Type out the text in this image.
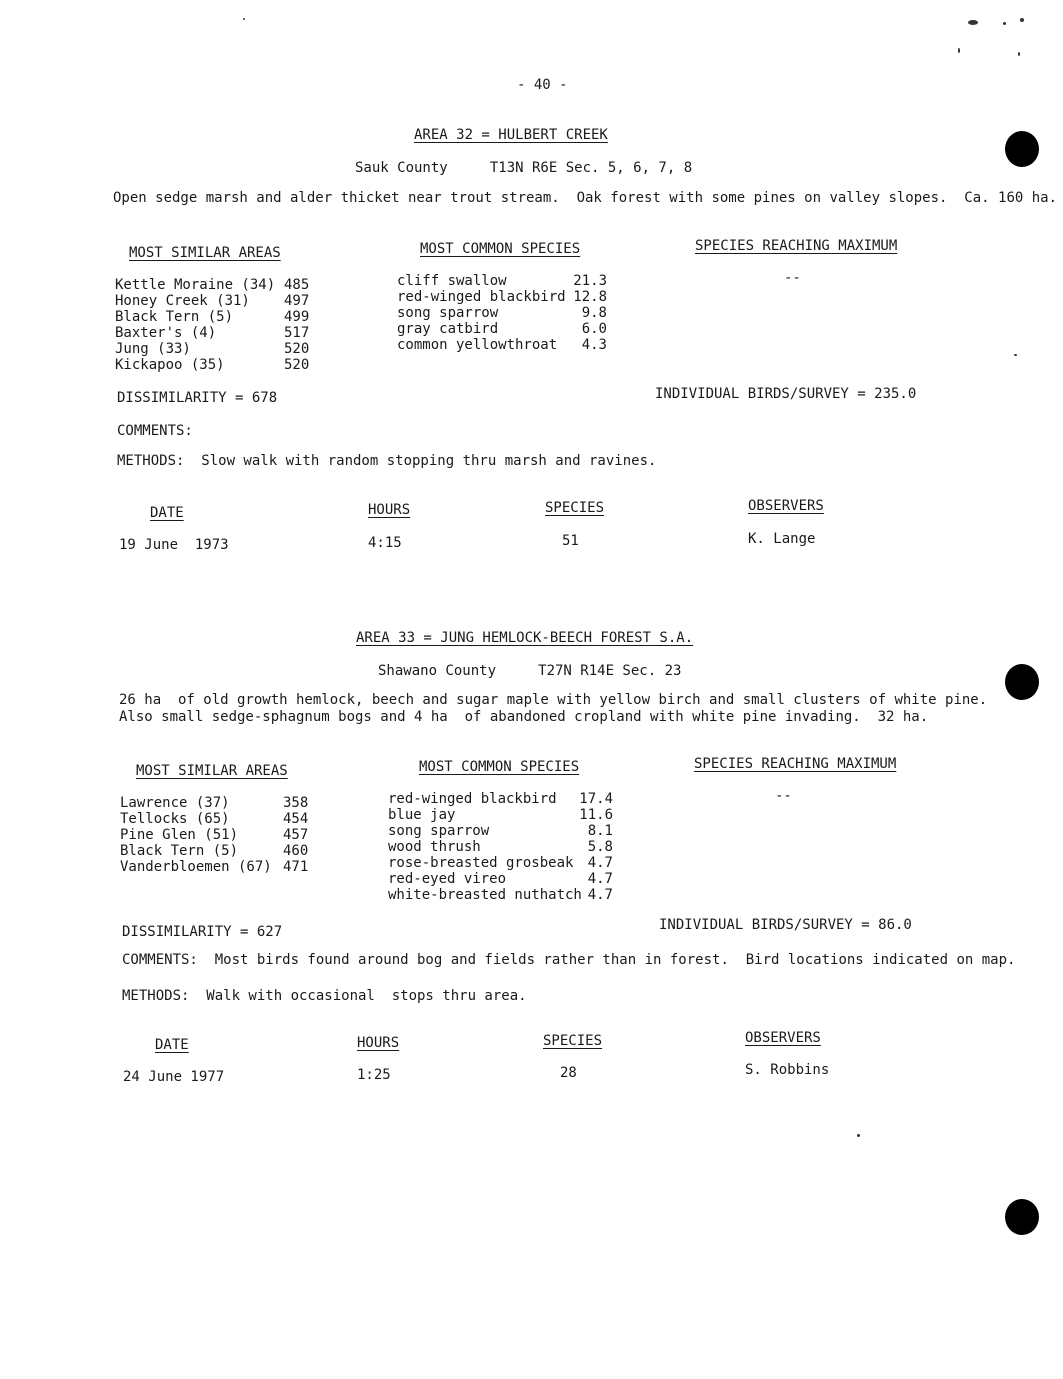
- 40 -
AREA 32 = HULBERT CREEK
Sauk County     T13N R6E Sec. 5, 6, 7, 8
Open sedge marsh and alder thicket near trout stream.  Oak forest with some pines on valley slopes.  Ca. 160 ha.
MOST SIMILAR AREAS	MOST COMMON SPECIES	SPECIES REACHING MAXIMUM
Kettle Moraine (34) 485
Honey Creek (31) 497
Black Tern (5)	499
Baxter's (4)	517
Jung (33)	520
Kickapoo (35)	520
cliff swallow	21.3
red-winged blackbird 12.8
song sparrow	9.8
gray catbird	6.0
common yellowthroat	4.3
--
DISSIMILARITY = 678	INDIVIDUAL BIRDS/SURVEY = 235.0
COMMENTS:
METHODS:  Slow walk with random stopping thru marsh and ravines.
DATE	HOURS	SPECIES	OBSERVERS
19 June  1973	4:15	51	K. Lange
AREA 33 = JUNG HEMLOCK-BEECH FOREST S.A.
Shawano County     T27N R14E Sec. 23
26 ha  of old growth hemlock, beech and sugar maple with yellow birch and small clusters of white pine.
Also small sedge-sphagnum bogs and 4 ha  of abandoned cropland with white pine invading.  32 ha.
MOST SIMILAR AREAS	MOST COMMON SPECIES	SPECIES REACHING MAXIMUM
Lawrence (37)	358
Tellocks (65)	454
Pine Glen (51)	457
Black Tern (5)	460
Vanderbloemen (67) 471
red-winged blackbird	17.4
blue jay	11.6
song sparrow	8.1
wood thrush	5.8
rose-breasted grosbeak	4.7
red-eyed vireo	4.7
white-breasted nuthatch 4.7
--
DISSIMILARITY = 627	INDIVIDUAL BIRDS/SURVEY = 86.0
COMMENTS:  Most birds found around bog and fields rather than in forest.  Bird locations indicated on map.
METHODS:  Walk with occasional  stops thru area.
DATE	HOURS	SPECIES	OBSERVERS
24 June 1977	1:25	28	S. Robbins
